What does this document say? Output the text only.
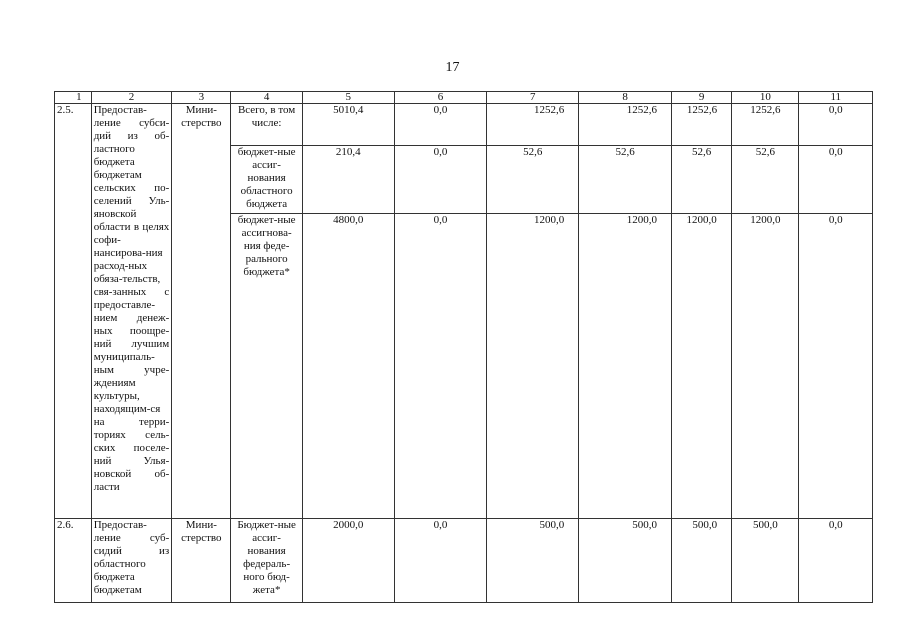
17
1	2	3	4	5	6	7	8	9	10	11
2.5.	Предостав-ление субси-дий из об-ластного бюджета бюджетам сельских по-селений Уль-яновской области в целях софи-нансирова-ния расход-ных обяза-тельств, свя-занных с предоставле-нием денеж-ных поощре-ний лучшим муниципаль-ным учре-ждениям культуры, находящим-ся на терри-ториях сель-ских поселе-ний Улья-новской об-ласти	Мини-стерство	Всего, в том числе:	5010,4	0,0	1252,6	1252,6	1252,6	1252,6	0,0
			бюджет-ные ассиг-нования областного бюджета	210,4	0,0	52,6	52,6	52,6	52,6	0,0
			бюджет-ные ассигнова-ния феде-рального бюджета*	4800,0	0,0	1200,0	1200,0	1200,0	1200,0	0,0
2.6.	Предостав-ление суб-сидий из областного бюджета бюджетам	Мини-стерство	Бюджет-ные ассиг-нования федераль-ного бюд-жета*	2000,0	0,0	500,0	500,0	500,0	500,0	0,0
